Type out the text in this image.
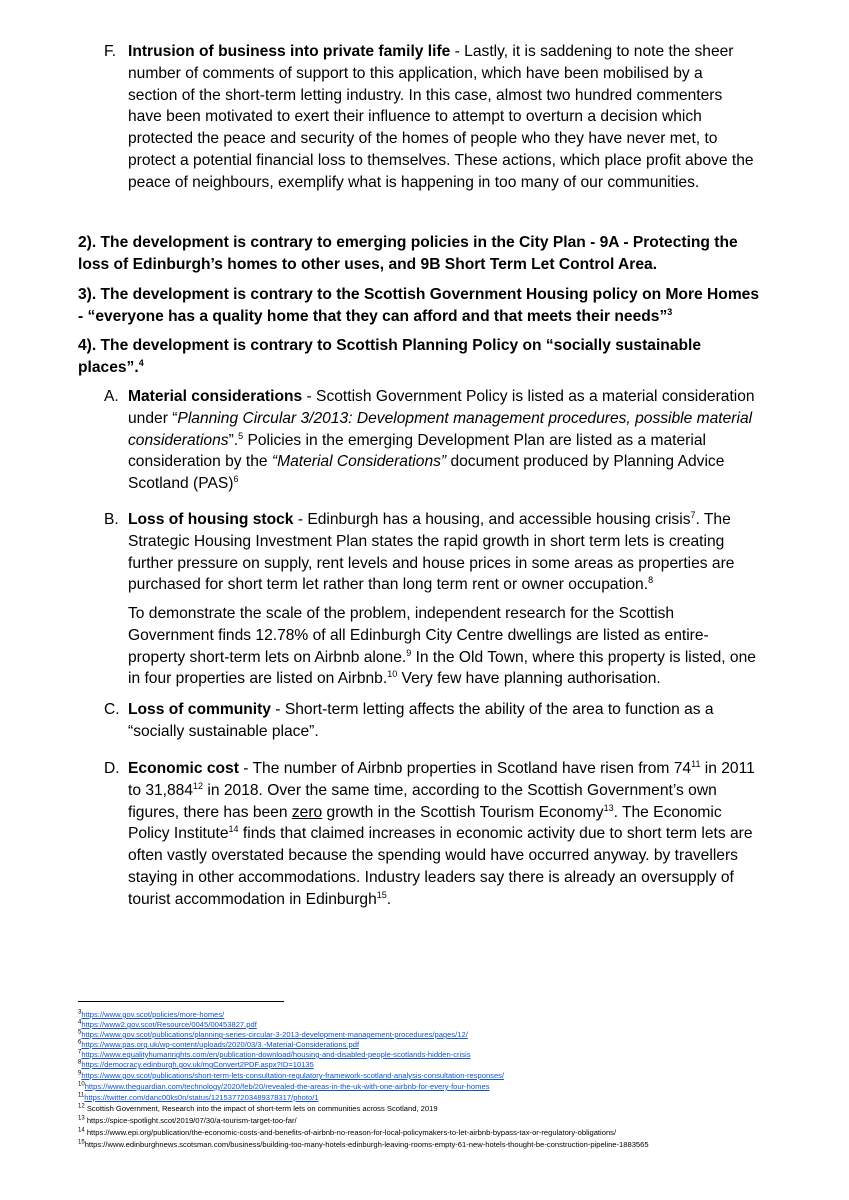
F. Intrusion of business into private family life - Lastly, it is saddening to note the sheer number of comments of support to this application, which have been mobilised by a section of the short-term letting industry. In this case, almost two hundred commenters have been motivated to exert their influence to attempt to overturn a decision which protected the peace and security of the homes of people who they have never met, to protect a potential financial loss to themselves. These actions, which place profit above the peace of neighbours, exemplify what is happening in too many of our communities.
2). The development is contrary to emerging policies in the City Plan - 9A - Protecting the loss of Edinburgh’s homes to other uses, and 9B Short Term Let Control Area.
3). The development is contrary to the Scottish Government Housing policy on More Homes - “everyone has a quality home that they can afford and that meets their needs”$^3$
4). The development is contrary to Scottish Planning Policy on “socially sustainable places”.$^4$
A. Material considerations - Scottish Government Policy is listed as a material consideration under “Planning Circular 3/2013: Development management procedures, possible material considerations”.$^5$ Policies in the emerging Development Plan are listed as a material consideration by the “Material Considerations” document produced by Planning Advice Scotland (PAS)$^6$
B. Loss of housing stock - Edinburgh has a housing, and accessible housing crisis$^7$. The Strategic Housing Investment Plan states the rapid growth in short term lets is creating further pressure on supply, rent levels and house prices in some areas as properties are purchased for short term let rather than long term rent or owner occupation.$^8$
To demonstrate the scale of the problem, independent research for the Scottish Government finds 12.78% of all Edinburgh City Centre dwellings are listed as entire-property short-term lets on Airbnb alone.$^9$ In the Old Town, where this property is listed, one in four properties are listed on Airbnb.$^{10}$ Very few have planning authorisation.
C. Loss of community - Short-term letting affects the ability of the area to function as a “socially sustainable place”.
D. Economic cost - The number of Airbnb properties in Scotland have risen from $74^{11}$ in 2011 to 31,884$^{12}$ in 2018. Over the same time, according to the Scottish Government’s own figures, there has been zero growth in the Scottish Tourism Economy$^{13}$. The Economic Policy Institute$^{14}$ finds that claimed increases in economic activity due to short term lets are often vastly overstated because the spending would have occurred anyway. by travellers staying in other accommodations. Industry leaders say there is already an oversupply of tourist accommodation in Edinburgh$^{15}$.
$^3$https://www.gov.scot/policies/more-homes/
$^4$https://www2.gov.scot/Resource/0045/00453827.pdf
$^5$https://www.gov.scot/publications/planning-series-circular-3-2013-development-management-procedures/pages/12/
$^6$https://www.pas.org.uk/wp-content/uploads/2020/03/3.-Material-Considerations.pdf
$^7$https://www.equalityhumanrights.com/en/publication-download/housing-and-disabled-people-scotlands-hidden-crisis
$^8$https://democracy.edinburgh.gov.uk/mgConvert2PDF.aspx?ID=10135
$^9$https://www.gov.scot/publications/short-term-lets-consultation-regulatory-framework-scotland-analysis-consultation-responses/
$^{10}$https://www.theguardian.com/technology/2020/feb/20/revealed-the-areas-in-the-uk-with-one-airbnb-for-every-four-homes
$^{11}$https://twitter.com/danc00ks0n/status/1215377203489378317/photo/1
$^{12}$ Scottish Government, Research into the impact of short-term lets on communities across Scotland, 2019
$^{13}$ https://spice-spotlight.scot/2019/07/30/a-tourism-target-too-far/
$^{14}$ https://www.epi.org/publication/the-economic-costs-and-benefits-of-airbnb-no-reason-for-local-policymakers-to-let-airbnb-bypass-tax-or-regulatory-obligations/
$^{15}$https://www.edinburghnews.scotsman.com/business/building-too-many-hotels-edinburgh-leaving-rooms-empty-61-new-hotels-thought-be-construction-pipeline-1883565
